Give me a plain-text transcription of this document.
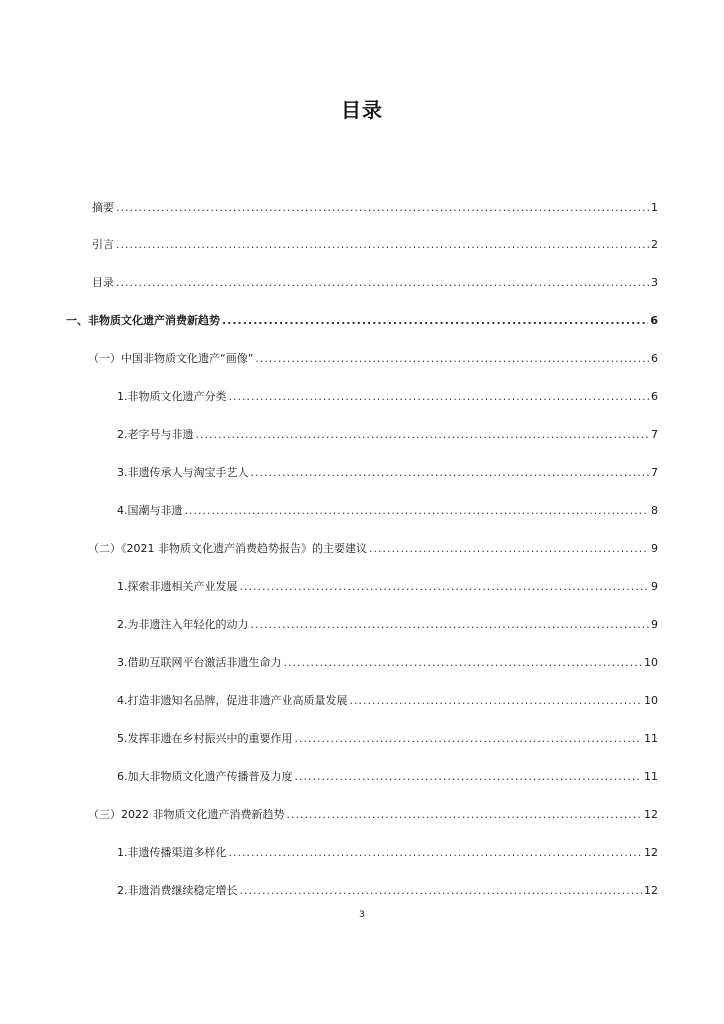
目录
摘要 .....	1
引言 .....	2
目录 .....	3
一、非物质文化遗产消费新趋势 .....	6
（一）中国非物质文化遗产“画像” .....	6
1.非物质文化遗产分类 .....	6
2.老字号与非遗 .....	7
3.非遗传承人与淘宝手艺人 .....	7
4.国潮与非遗 .....	8
（二）《2021 非物质文化遗产消费趋势报告》的主要建议 .....	9
1.探索非遗相关产业发展 .....	9
2.为非遗注入年轻化的动力 .....	9
3.借助互联网平台激活非遗生命力 .....	10
4.打造非遗知名品牌，促进非遗产业高质量发展 .....	10
5.发挥非遗在乡村振兴中的重要作用 .....	11
6.加大非物质文化遗产传播普及力度 .....	11
（三）2022 非物质文化遗产消费新趋势 .....	12
1.非遗传播渠道多样化 .....	12
2.非遗消费继续稳定增长 .....	12
3
